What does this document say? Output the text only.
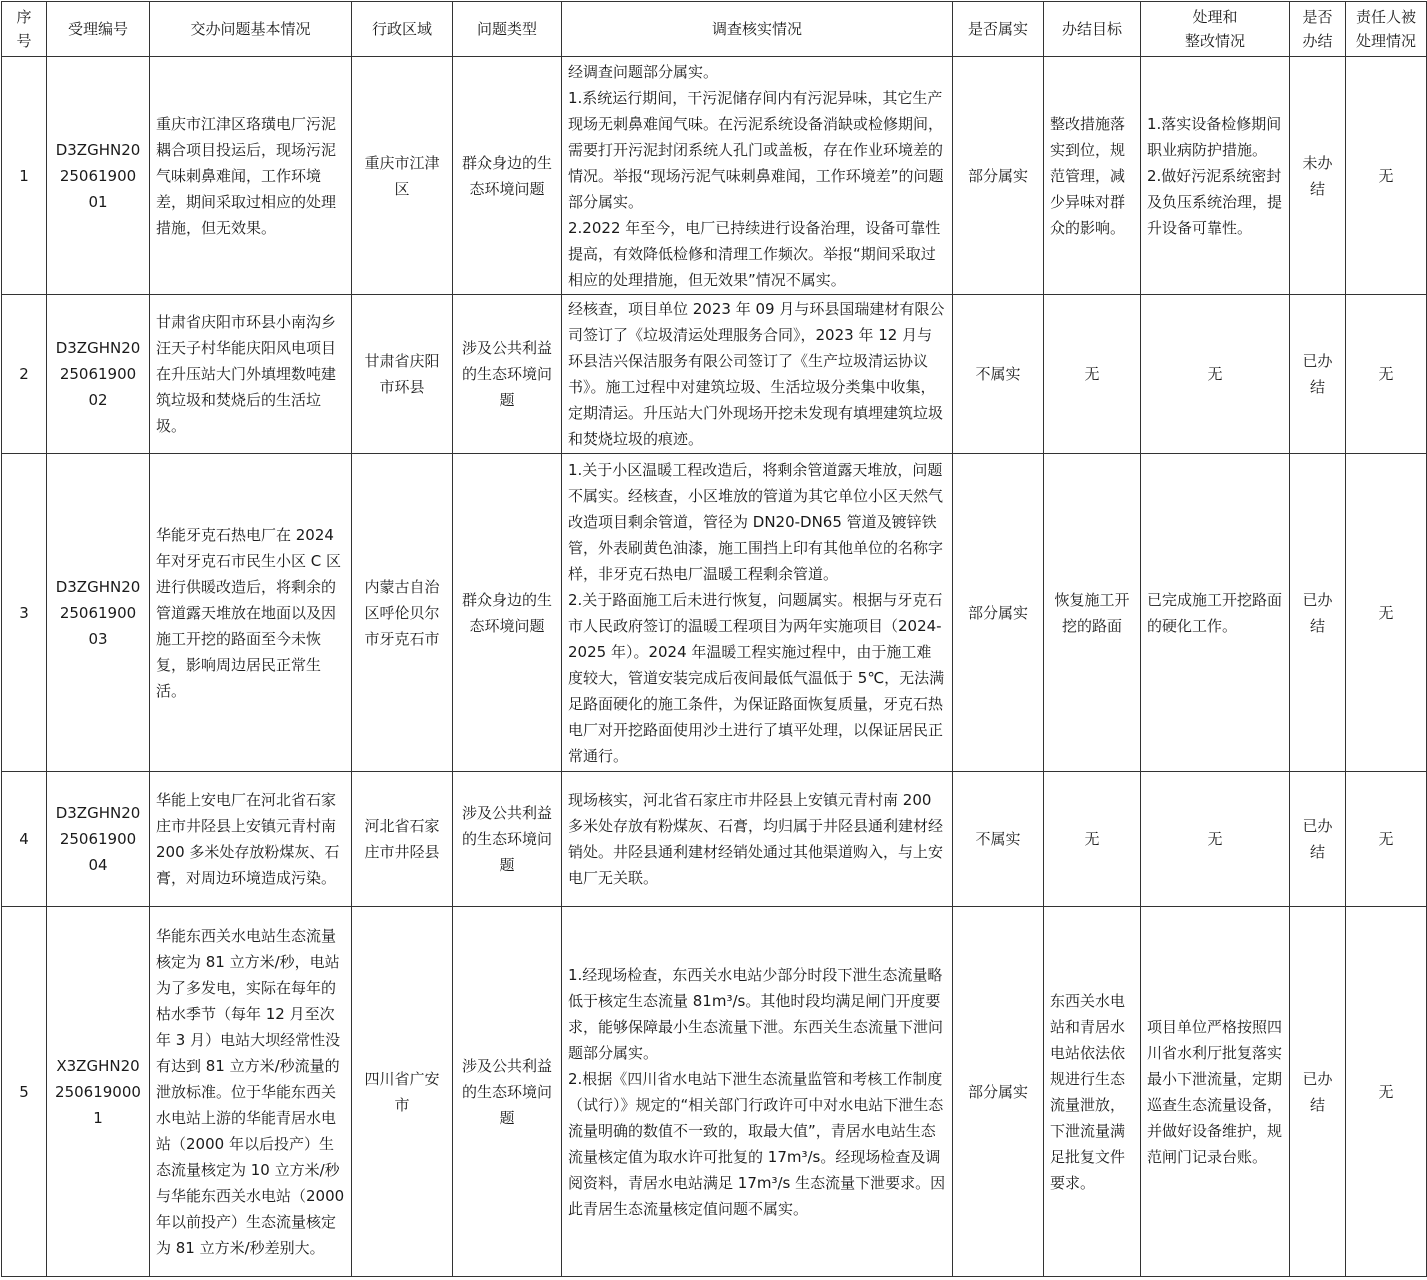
序
号	受理编号	交办问题基本情况	行政区域	问题类型	调查核实情况	是否属实	办结目标	处理和
整改情况	是否
办结	责任人被
处理情况
1	D3ZGHN2025061900 01	重庆市江津区珞璜电厂污泥耦合项目投运后，现场污泥气味刺鼻难闻，工作环境差，期间采取过相应的处理措施，但无效果。	重庆市江津区	群众身边的生态环境问题	经调查问题部分属实。
1.系统运行期间，干污泥储存间内有污泥异味，其它生产现场无刺鼻难闻气味。在污泥系统设备消缺或检修期间，需要打开污泥封闭系统人孔门或盖板，存在作业环境差的情况。举报“现场污泥气味刺鼻难闻，工作环境差”的问题部分属实。
2.2022 年至今，电厂已持续进行设备治理，设备可靠性提高，有效降低检修和清理工作频次。举报“期间采取过相应的处理措施，但无效果”情况不属实。	部分属实	整改措施落实到位，规范管理，减少异味对群众的影响。	1.落实设备检修期间职业病防护措施。
2.做好污泥系统密封及负压系统治理，提升设备可靠性。	未办结	无
2	D3ZGHN2025061900 02	甘肃省庆阳市环县小南沟乡汪天子村华能庆阳风电项目在升压站大门外填埋数吨建筑垃圾和焚烧后的生活垃圾。	甘肃省庆阳市环县	涉及公共利益的生态环境问题	经核查，项目单位 2023 年 09 月与环县国瑞建材有限公司签订了《垃圾清运处理服务合同》，2023 年 12 月与环县洁兴保洁服务有限公司签订了《生产垃圾清运协议书》。施工过程中对建筑垃圾、生活垃圾分类集中收集，定期清运。升压站大门外现场开挖未发现有填埋建筑垃圾和焚烧垃圾的痕迹。	不属实	无	无	已办结	无
3	D3ZGHN2025061900 03	华能牙克石热电厂在 2024 年对牙克石市民生小区 C 区进行供暖改造后，将剩余的管道露天堆放在地面以及因施工开挖的路面至今未恢复，影响周边居民正常生活。	内蒙古自治区呼伦贝尔市牙克石市	群众身边的生态环境问题	1.关于小区温暖工程改造后，将剩余管道露天堆放，问题不属实。经核查，小区堆放的管道为其它单位小区天然气改造项目剩余管道，管径为 DN20-DN65 管道及镀锌铁管，外表刷黄色油漆，施工围挡上印有其他单位的名称字样，非牙克石热电厂温暖工程剩余管道。
2.关于路面施工后未进行恢复，问题属实。根据与牙克石市人民政府签订的温暖工程项目为两年实施项目（2024-2025 年）。2024 年温暖工程实施过程中，由于施工难度较大，管道安装完成后夜间最低气温低于 5℃，无法满足路面硬化的施工条件，为保证路面恢复质量，牙克石热电厂对开挖路面使用沙土进行了填平处理，以保证居民正常通行。	部分属实	恢复施工开挖的路面	已完成施工开挖路面的硬化工作。	已办结	无
4	D3ZGHN2025061900 04	华能上安电厂在河北省石家庄市井陉县上安镇元青村南 200 多米处存放粉煤灰、石膏，对周边环境造成污染。	河北省石家庄市井陉县	涉及公共利益的生态环境问题	现场核实，河北省石家庄市井陉县上安镇元青村南 200 多米处存放有粉煤灰、石膏，均归属于井陉县通利建材经销处。井陉县通利建材经销处通过其他渠道购入，与上安电厂无关联。	不属实	无	无	已办结	无
5	X3ZGHN20250619000 1	华能东西关水电站生态流量核定为 81 立方米/秒，电站为了多发电，实际在每年的枯水季节（每年 12 月至次年 3 月）电站大坝经常性没有达到 81 立方米/秒流量的泄放标准。位于华能东西关水电站上游的华能青居水电站（2000 年以后投产）生态流量核定为 10 立方米/秒与华能东西关水电站（2000 年以前投产）生态流量核定为 81 立方米/秒差别大。	四川省广安市	涉及公共利益的生态环境问题	1.经现场检查，东西关水电站少部分时段下泄生态流量略低于核定生态流量 81m³/s。其他时段均满足闸门开度要求，能够保障最小生态流量下泄。东西关生态流量下泄问题部分属实。
2.根据《四川省水电站下泄生态流量监管和考核工作制度（试行）》规定的“相关部门行政许可中对水电站下泄生态流量明确的数值不一致的，取最大值”，青居水电站生态流量核定值为取水许可批复的 17m³/s。经现场检查及调阅资料，青居水电站满足 17m³/s 生态流量下泄要求。因此青居生态流量核定值问题不属实。	部分属实	东西关水电站和青居水电站依法依规进行生态流量泄放，下泄流量满足批复文件要求。	项目单位严格按照四川省水利厅批复落实最小下泄流量，定期巡查生态流量设备，并做好设备维护，规范闸门记录台账。	已办结	无
